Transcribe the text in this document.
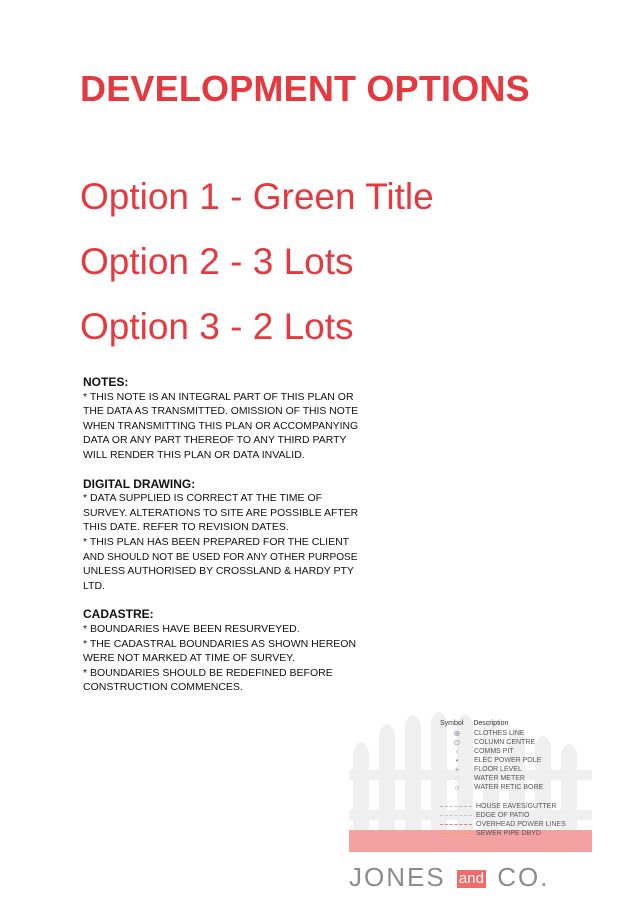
DEVELOPMENT OPTIONS
Option 1 - Green Title
Option 2 - 3 Lots
Option 3 - 2 Lots
NOTES:
* THIS NOTE IS AN INTEGRAL PART OF THIS PLAN OR
THE DATA AS TRANSMITTED. OMISSION OF THIS NOTE
WHEN TRANSMITTING THIS PLAN OR ACCOMPANYING
DATA OR ANY PART THEREOF TO ANY THIRD PARTY
WILL RENDER THIS PLAN OR DATA INVALID.
DIGITAL DRAWING:
* DATA SUPPLIED IS CORRECT AT THE TIME OF
SURVEY. ALTERATIONS TO SITE ARE POSSIBLE AFTER
THIS DATE. REFER TO REVISION DATES.
* THIS PLAN HAS BEEN PREPARED FOR THE CLIENT
AND SHOULD NOT BE USED FOR ANY OTHER PURPOSE
UNLESS AUTHORISED BY CROSSLAND & HARDY PTY
LTD.
CADASTRE:
* BOUNDARIES HAVE BEEN RESURVEYED.
* THE CADASTRAL BOUNDARIES AS SHOWN HEREON
WERE NOT MARKED AT TIME OF SURVEY.
* BOUNDARIES SHOULD BE REDEFINED BEFORE
CONSTRUCTION COMMENCES.
Symbol Description
⊕	CLOTHES LINE
⊙	COLUMN CENTRE
◦	COMMS PIT
•	ELEC POWER POLE
+	FLOOR LEVEL
◌	WATER METER
○	WATER RETIC BORE
HOUSE EAVES/GUTTER
EDGE OF PATIO
OVERHEAD POWER LINES
SEWER PIPE DBYD
JONES and CO.
